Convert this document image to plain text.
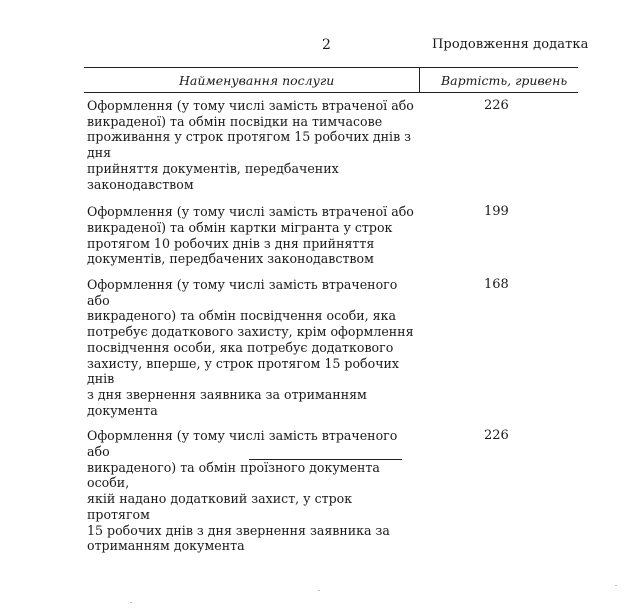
2	Продовження додатка
Найменування послуги	Вартість, гривень
Оформлення (у тому числі замість втраченої або
викраденої) та обмін посвідки на тимчасове
проживання у строк протягом 15 робочих днів з дня
прийняття документів, передбачених
законодавством
226
Оформлення (у тому числі замість втраченої або
викраденої) та обмін картки мігранта у строк
протягом 10 робочих днів з дня прийняття
документів, передбачених законодавством
199
Оформлення (у тому числі замість втраченого або
викраденого) та обмін посвідчення особи, яка
потребує додаткового захисту, крім оформлення
посвідчення особи, яка потребує додаткового
захисту, вперше, у строк протягом 15 робочих днів
з дня звернення заявника за отриманням документа
168
Оформлення (у тому числі замість втраченого або
викраденого) та обмін проїзного документа особи,
якій надано додатковий захист, у строк протягом
15 робочих днів з дня звернення заявника за
отриманням документа
226
